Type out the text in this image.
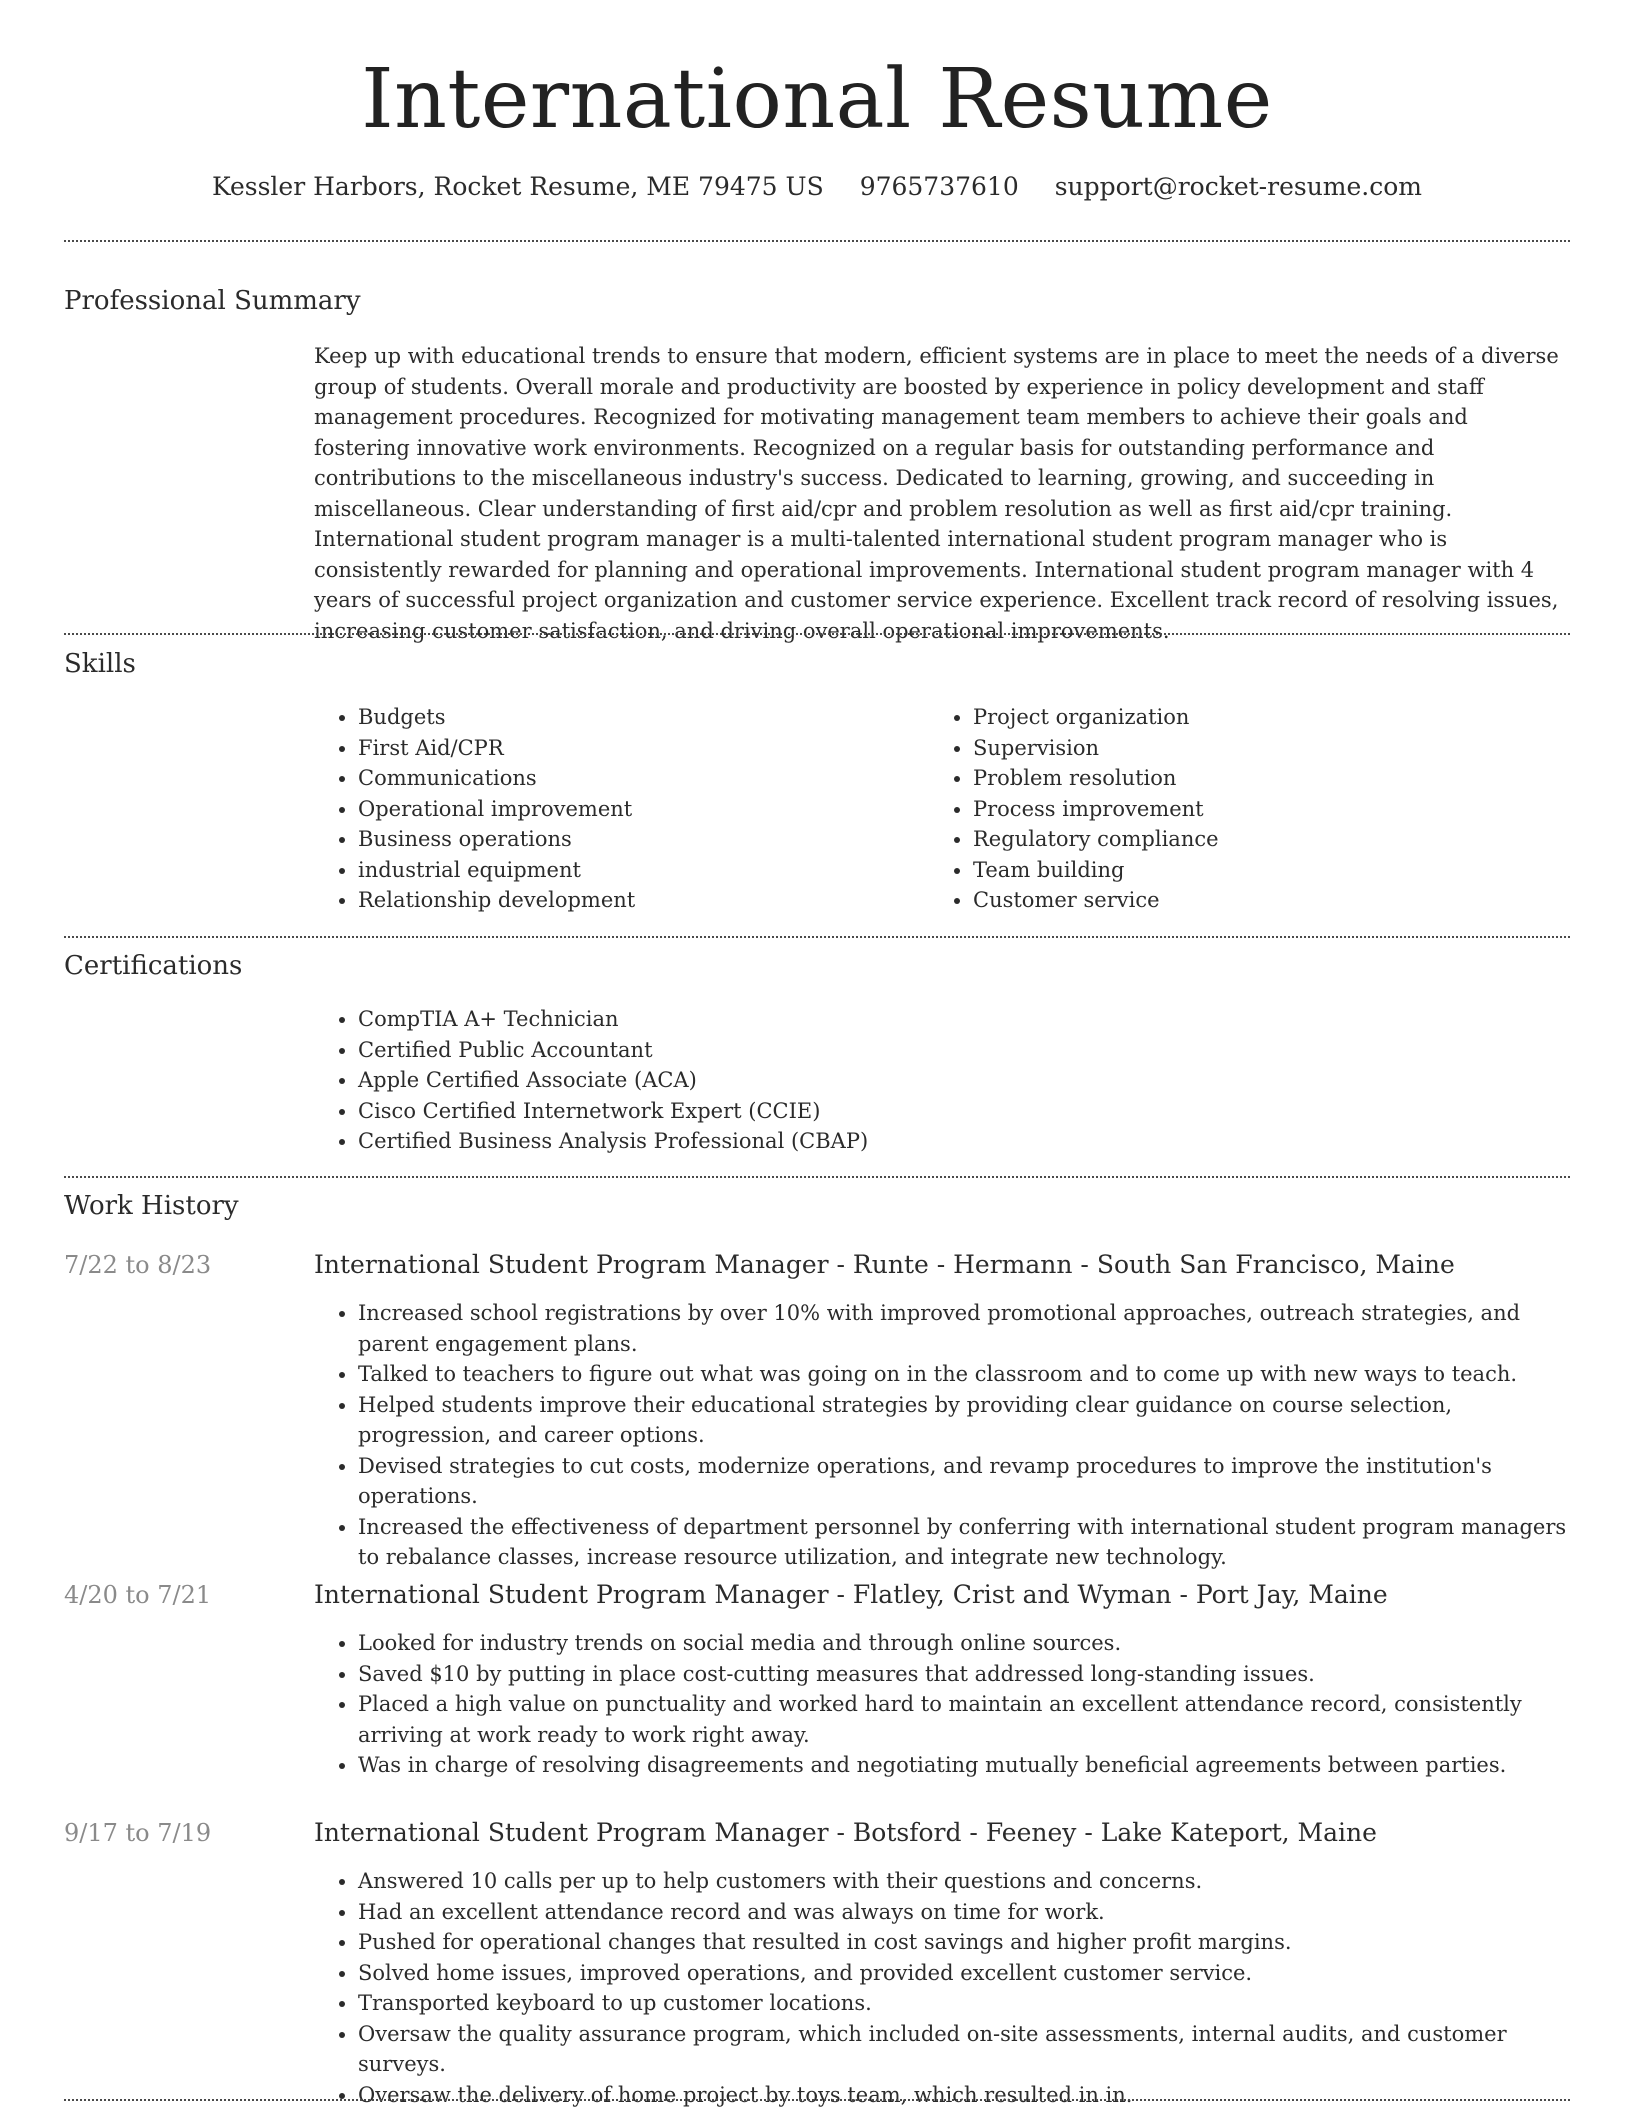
International Resume
Kessler Harbors, Rocket Resume, ME 79475 US 9765737610 support@rocket-resume.com
Professional Summary

Keep up with educational trends to ensure that modern, efficient systems are in place to meet the needs of a diverse group of students. Overall morale and productivity are boosted by experience in policy development and staff management procedures. Recognized for motivating management team members to achieve their goals and fostering innovative work environments. Recognized on a regular basis for outstanding performance and contributions to the miscellaneous industry's success. Dedicated to learning, growing, and succeeding in miscellaneous. Clear understanding of first aid/cpr and problem resolution as well as first aid/cpr training. International student program manager is a multi-talented international student program manager who is consistently rewarded for planning and operational improvements. International student program manager with 4 years of successful project organization and customer service experience. Excellent track record of resolving issues, increasing customer satisfaction, and driving overall operational improvements.

Skills
• Budgets
• First Aid/CPR
• Communications
• Operational improvement
• Business operations
• industrial equipment
• Relationship development
• Project organization
• Supervision
• Problem resolution
• Process improvement
• Regulatory compliance
• Team building
• Customer service
Certifications
• CompTIA A+ Technician
• Certified Public Accountant
• Apple Certified Associate (ACA)
• Cisco Certified Internetwork Expert (CCIE)
• Certified Business Analysis Professional (CBAP)
Work History
7/22 to 8/23	International Student Program Manager - Runte - Hermann - South San Francisco, Maine
• Increased school registrations by over 10% with improved promotional approaches, outreach strategies, and parent engagement plans.
• Talked to teachers to figure out what was going on in the classroom and to come up with new ways to teach.
• Helped students improve their educational strategies by providing clear guidance on course selection, progression, and career options.
• Devised strategies to cut costs, modernize operations, and revamp procedures to improve the institution's operations.
• Increased the effectiveness of department personnel by conferring with international student program managers to rebalance classes, increase resource utilization, and integrate new technology.
4/20 to 7/21	International Student Program Manager - Flatley, Crist and Wyman - Port Jay, Maine
• Looked for industry trends on social media and through online sources.
• Saved $10 by putting in place cost-cutting measures that addressed long-standing issues.
• Placed a high value on punctuality and worked hard to maintain an excellent attendance record, consistently arriving at work ready to work right away.
• Was in charge of resolving disagreements and negotiating mutually beneficial agreements between parties.
9/17 to 7/19	International Student Program Manager - Botsford - Feeney - Lake Kateport, Maine
• Answered 10 calls per up to help customers with their questions and concerns.
• Had an excellent attendance record and was always on time for work.
• Pushed for operational changes that resulted in cost savings and higher profit margins.
• Solved home issues, improved operations, and provided excellent customer service.
• Transported keyboard to up customer locations.
• Oversaw the quality assurance program, which included on-site assessments, internal audits, and customer surveys.
• Oversaw the delivery of home project by toys team, which resulted in in.
